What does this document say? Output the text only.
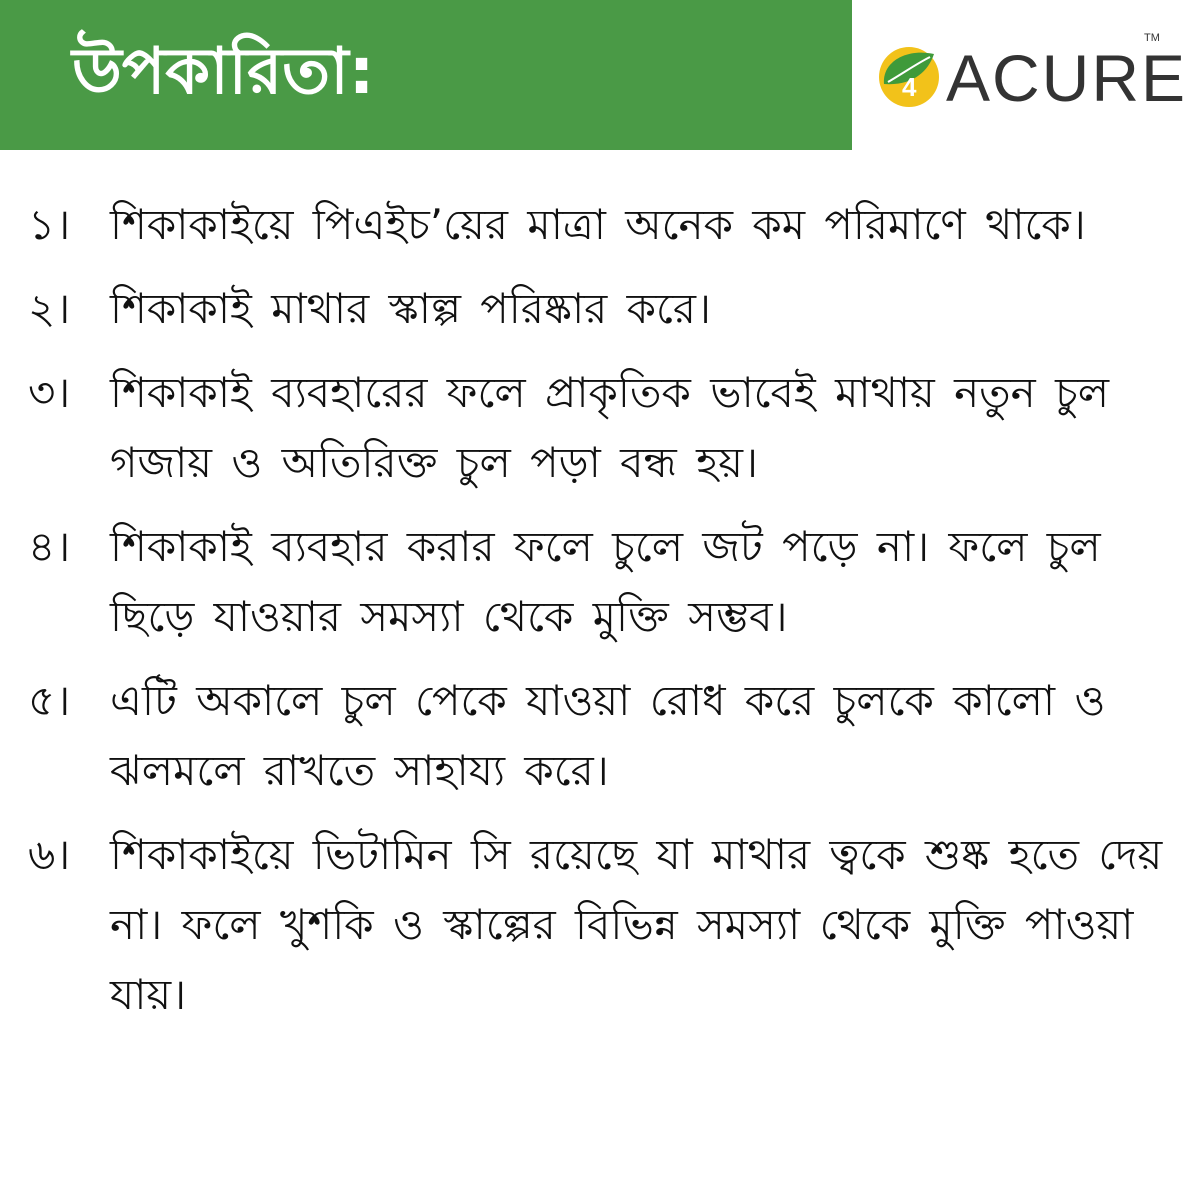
উপকারিতা:	4 ACURE
TM
১। শিকাকাইয়ে পিএইচ’য়ের মাত্রা অনেক কম পরিমাণে থাকে।
২। শিকাকাই মাথার স্কাল্প পরিষ্কার করে।
৩। শিকাকাই ব্যবহারের ফলে প্রাকৃতিক ভাবেই মাথায় নতুন চুল গজায় ও অতিরিক্ত চুল পড়া বন্ধ হয়।
৪। শিকাকাই ব্যবহার করার ফলে চুলে জট পড়ে না। ফলে চুল ছিড়ে যাওয়ার সমস্যা থেকে মুক্তি সম্ভব।
৫। এটি অকালে চুল পেকে যাওয়া রোধ করে চুলকে কালো ও ঝলমলে রাখতে সাহায্য করে।
৬। শিকাকাইয়ে ভিটামিন সি রয়েছে যা মাথার ত্বকে শুষ্ক হতে দেয় না। ফলে খুশকি ও স্কাল্পের বিভিন্ন সমস্যা থেকে মুক্তি পাওয়া যায়।
